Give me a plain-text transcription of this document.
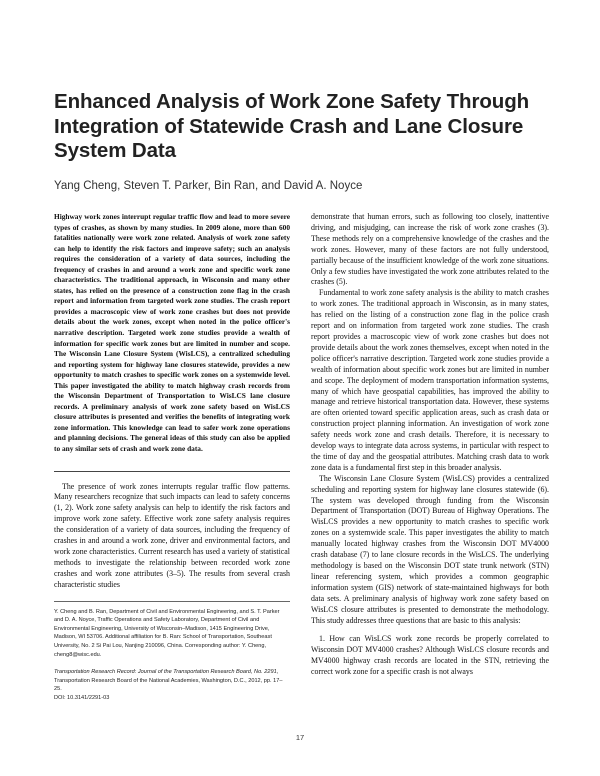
Enhanced Analysis of Work Zone Safety Through Integration of Statewide Crash and Lane Closure System Data
Yang Cheng, Steven T. Parker, Bin Ran, and David A. Noyce

Highway work zones interrupt regular traffic flow and lead to more severe types of crashes, as shown by many studies. In 2009 alone, more than 600 fatalities nationally were work zone related. Analysis of work zone safety can help to identify the risk factors and improve safety; such an analysis requires the consideration of a variety of data sources, including the frequency of crashes in and around a work zone and specific work zone characteristics. The traditional approach, in Wisconsin and many other states, has relied on the presence of a construction zone flag in the crash report and information from targeted work zone studies. The crash report provides a macroscopic view of work zone crashes but does not provide details about the work zones, except when noted in the police officer's narrative description. Targeted work zone studies provide a wealth of information for specific work zones but are limited in number and scope. The Wisconsin Lane Closure System (WisLCS), a centralized scheduling and reporting system for highway lane closures statewide, provides a new opportunity to match crashes to specific work zones on a systemwide level. This paper investigated the ability to match highway crash records from the Wisconsin Department of Transportation to WisLCS lane closure records. A preliminary analysis of work zone safety based on WisLCS closure attributes is presented and verifies the benefits of integrating work zone information. This knowledge can lead to safer work zone operations and planning decisions. The general ideas of this study can also be applied to any similar sets of crash and work zone data.

The presence of work zones interrupts regular traffic flow patterns. Many researchers recognize that such impacts can lead to safety concerns (1, 2). Work zone safety analysis can help to identify the risk factors and improve work zone safety. Effective work zone safety analysis requires the consideration of a variety of data sources, including the frequency of crashes in and around a work zone, driver and environmental factors, and work zone characteristics. Current research has used a variety of statistical methods to investigate the relationship between recorded work zone crashes and work zone attributes (3–5). The results from several crash characteristic studies

Y. Cheng and B. Ran, Department of Civil and Environmental Engineering, and S. T. Parker and D. A. Noyce, Traffic Operations and Safety Laboratory, Department of Civil and Environmental Engineering, University of Wisconsin–Madison, 1415 Engineering Drive, Madison, WI 53706. Additional affiliation for B. Ran: School of Transportation, Southeast University, No. 2 Si Pai Lou, Nanjing 210096, China. Corresponding author: Y. Cheng, cheng8@wisc.edu.

Transportation Research Record: Journal of the Transportation Research Board, No. 2291, Transportation Research Board of the National Academies, Washington, D.C., 2012, pp. 17–25.
DOI: 10.3141/2291-03

demonstrate that human errors, such as following too closely, inattentive driving, and misjudging, can increase the risk of work zone crashes (3). These methods rely on a comprehensive knowledge of the crashes and the work zones. However, many of these factors are not fully understood, partially because of the insufficient knowledge of the work zone situations. Only a few studies have investigated the work zone attributes related to the crashes (5).

Fundamental to work zone safety analysis is the ability to match crashes to work zones. The traditional approach in Wisconsin, as in many states, has relied on the listing of a construction zone flag in the police crash report and on information from targeted work zone studies. The crash report provides a macroscopic view of work zone crashes but does not provide details about the work zones themselves, except when noted in the police officer's narrative description. Targeted work zone studies provide a wealth of information about specific work zones but are limited in number and scope. The deployment of modern transportation information systems, many of which have geospatial capabilities, has improved the ability to manage and retrieve historical transportation data. However, these systems are often oriented toward specific application areas, such as crash data or construction project planning information. An investigation of work zone safety needs work zone and crash details. Therefore, it is necessary to develop ways to integrate data across systems, in particular with respect to the time of day and the geospatial attributes. Matching crash data to work zone data is a fundamental first step in this broader analysis.

The Wisconsin Lane Closure System (WisLCS) provides a centralized scheduling and reporting system for highway lane closures statewide (6). The system was developed through funding from the Wisconsin Department of Transportation (DOT) Bureau of Highway Operations. The WisLCS provides a new opportunity to match crashes to specific work zones on a systemwide scale. This paper investigates the ability to match manually located highway crashes from the Wisconsin DOT MV4000 crash database (7) to lane closure records in the WisLCS. The underlying methodology is based on the Wisconsin DOT state trunk network (STN) linear referencing system, which provides a common geographic information system (GIS) network of state-maintained highways for both data sets. A preliminary analysis of highway work zone safety based on WisLCS closure attributes is presented to demonstrate the methodology. This study addresses three questions that are basic to this analysis:

1. How can WisLCS work zone records be properly correlated to Wisconsin DOT MV4000 crashes? Although WisLCS closure records and MV4000 highway crash records are located in the STN, retrieving the correct work zone for a specific crash is not always

17
